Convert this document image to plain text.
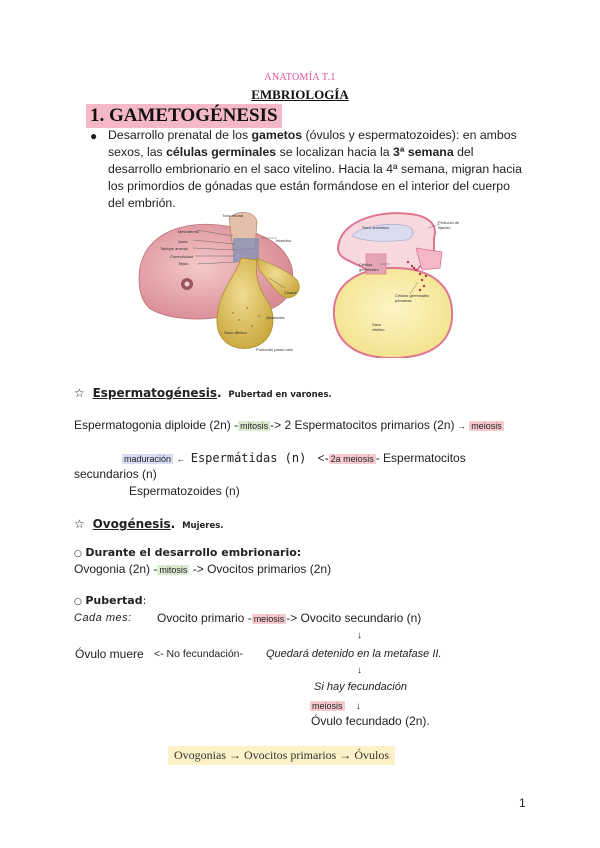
ANATOMÍA T.1
EMBRIOLOGÍA
1. GAMETOGÉNESIS
● Desarrollo prenatal de los gametos (óvulos y espermatozoides): en ambos sexos, las células germinales se localizan hacia la 3ª semana del desarrollo embrionario en el saco vitelino. Hacia la 4ª semana, migran hacia los primordios de gónadas que están formándose en el interior del cuerpo del embrión.
Tubo neural
Mesodermo
Aorta
Tabique anexial
Conectividad
Tejido
Alantoides
Saco vitelino
Primordio pared celo
Intestino
Cloaca
Saco amniótico
Pedículo de fijación
Células germinales
Células germinales primarias
Saco vitelino
☆ Espermatogénesis. Pubertad en varones.
Espermatogonia diploide (2n) - mitosis -> 2 Espermatocitos primarios (2n) → meiosis
maduración ← Espermátidas (n) <- 2a meiosis - Espermatocitos
secundarios (n)
Espermatozoides (n)
☆ Ovogénesis. Mujeres.
○ Durante el desarrollo embrionario:
Ovogonia (2n) - mitosis -> Ovocitos primarios (2n)
○ Pubertad:
Cada mes: Ovocito primario - meiosis -> Ovocito secundario (n)
↓
Óvulo muere <- No fecundación- Quedará detenido en la metafase II.
↓
Si hay fecundación
meiosis ↓
Óvulo fecundado (2n).
Ovogonias → Ovocitos primarios → Óvulos
1
